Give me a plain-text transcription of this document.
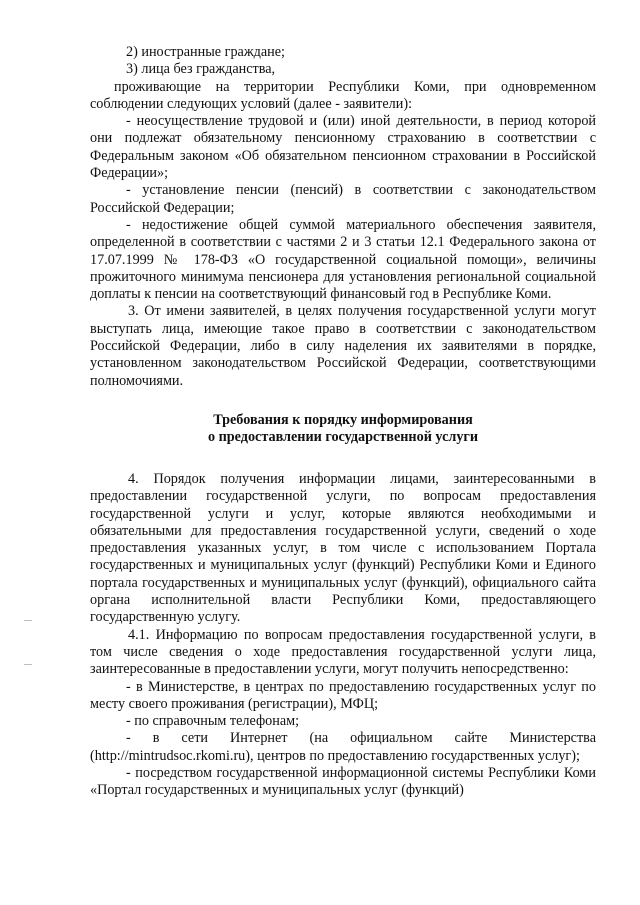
2) иностранные граждане;

3) лица без гражданства,

проживающие на территории Республики Коми, при одновременном соблюдении следующих условий (далее - заявители):

- неосуществление трудовой и (или) иной деятельности, в период которой они подлежат обязательному пенсионному страхованию в соответствии с Федеральным законом «Об обязательном пенсионном страховании в Российской Федерации»;

- установление пенсии (пенсий) в соответствии с законодательством Российской Федерации;

- недостижение общей суммой материального обеспечения заявителя, определенной в соответствии с частями 2 и 3 статьи 12.1 Федерального закона от 17.07.1999 № 178-ФЗ «О государственной социальной помощи», величины прожиточного минимума пенсионера для установления региональной социальной доплаты к пенсии на соответствующий финансовый год в Республике Коми.

3. От имени заявителей, в целях получения государственной услуги могут выступать лица, имеющие такое право в соответствии с законодательством Российской Федерации, либо в силу наделения их заявителями в порядке, установленном законодательством Российской Федерации, соответствующими полномочиями.

Требования к порядку информирования
о предоставлении государственной услуги

4. Порядок получения информации лицами, заинтересованными в предоставлении государственной услуги, по вопросам предоставления государственной услуги и услуг, которые являются необходимыми и обязательными для предоставления государственной услуги, сведений о ходе предоставления указанных услуг, в том числе с использованием Портала государственных и муниципальных услуг (функций) Республики Коми и Единого портала государственных и муниципальных услуг (функций), официального сайта органа исполнительной власти Республики Коми, предоставляющего государственную услугу.

4.1. Информацию по вопросам предоставления государственной услуги, в том числе сведения о ходе предоставления государственной услуги лица, заинтересованные в предоставлении услуги, могут получить непосредственно:

- в Министерстве, в центрах по предоставлению государственных услуг по месту своего проживания (регистрации), МФЦ;

- по справочным телефонам;

- в сети Интернет (на официальном сайте Министерства (http://mintrudsoc.rkomi.ru), центров по предоставлению государственных услуг);

- посредством государственной информационной системы Республики Коми «Портал государственных и муниципальных услуг (функций)
